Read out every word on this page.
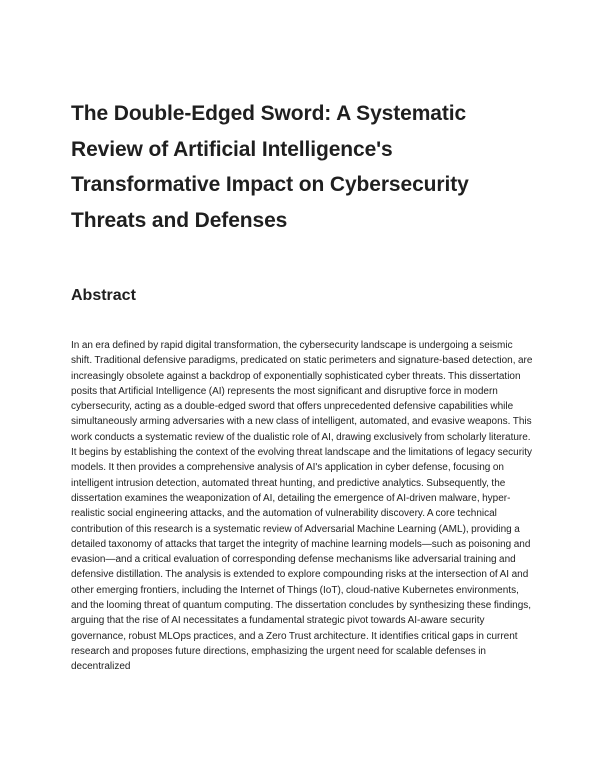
The Double-Edged Sword: A Systematic Review of Artificial Intelligence's Transformative Impact on Cybersecurity Threats and Defenses
Abstract

In an era defined by rapid digital transformation, the cybersecurity landscape is undergoing a seismic shift. Traditional defensive paradigms, predicated on static perimeters and signature-based detection, are increasingly obsolete against a backdrop of exponentially sophisticated cyber threats. This dissertation posits that Artificial Intelligence (AI) represents the most significant and disruptive force in modern cybersecurity, acting as a double-edged sword that offers unprecedented defensive capabilities while simultaneously arming adversaries with a new class of intelligent, automated, and evasive weapons. This work conducts a systematic review of the dualistic role of AI, drawing exclusively from scholarly literature. It begins by establishing the context of the evolving threat landscape and the limitations of legacy security models. It then provides a comprehensive analysis of AI's application in cyber defense, focusing on intelligent intrusion detection, automated threat hunting, and predictive analytics. Subsequently, the dissertation examines the weaponization of AI, detailing the emergence of AI-driven malware, hyper-realistic social engineering attacks, and the automation of vulnerability discovery. A core technical contribution of this research is a systematic review of Adversarial Machine Learning (AML), providing a detailed taxonomy of attacks that target the integrity of machine learning models—such as poisoning and evasion—and a critical evaluation of corresponding defense mechanisms like adversarial training and defensive distillation. The analysis is extended to explore compounding risks at the intersection of AI and other emerging frontiers, including the Internet of Things (IoT), cloud-native Kubernetes environments, and the looming threat of quantum computing. The dissertation concludes by synthesizing these findings, arguing that the rise of AI necessitates a fundamental strategic pivot towards AI-aware security governance, robust MLOps practices, and a Zero Trust architecture. It identifies critical gaps in current research and proposes future directions, emphasizing the urgent need for scalable defenses in decentralized
